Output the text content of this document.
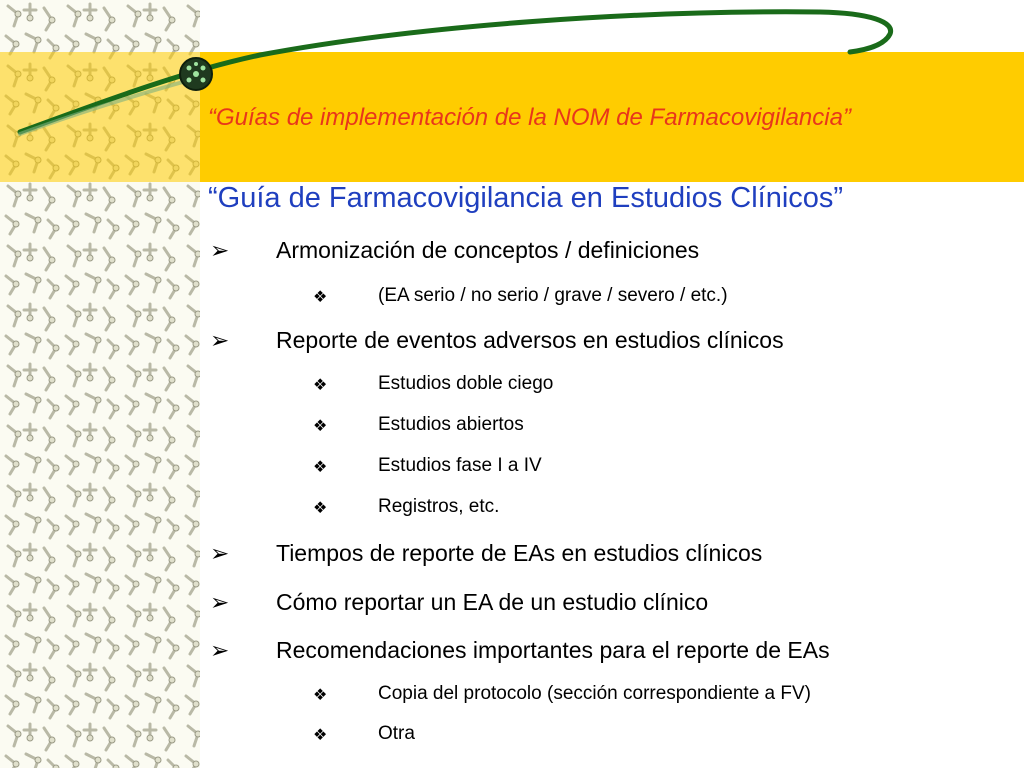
“Guías de implementación de la NOM de Farmacovigilancia”
“Guía de Farmacovigilancia en Estudios Clínicos”
➢ Armonización de conceptos / definiciones
❖	(EA serio / no serio / grave / severo / etc.)
➢ Reporte de eventos adversos en estudios clínicos
❖	Estudios doble ciego
❖	Estudios abiertos
❖	Estudios fase I a IV
❖	Registros, etc.
➢ Tiempos de reporte de EAs en estudios clínicos
➢ Cómo reportar un EA de un estudio clínico
➢ Recomendaciones importantes para el reporte de EAs
❖	Copia del protocolo (sección correspondiente a FV)
❖	Otra
